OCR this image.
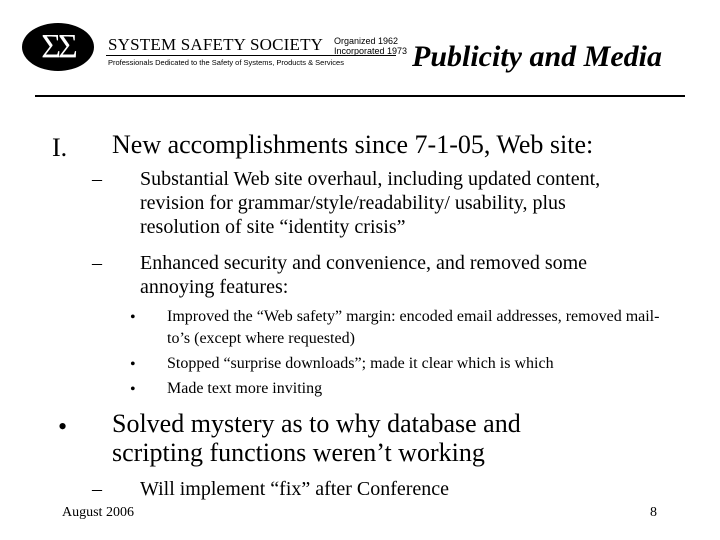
ΣΣ	SYSTEM SAFETY SOCIETY Organized 1962
Incorporated 1973
Professionals Dedicated to the Safety of Systems, Products & Services Publicity and Media
I. New accomplishments since 7-1-05, Web site:
– Substantial Web site overhaul, including updated content, revision for grammar/style/readability/ usability, plus resolution of site “identity crisis”
– Enhanced security and convenience, and removed some annoying features:
• Improved the “Web safety” margin: encoded email addresses, removed mail-to’s (except where requested)
• Stopped “surprise downloads”; made it clear which is which
• Made text more inviting
• Solved mystery as to why database and scripting functions weren’t working
– Will implement “fix” after Conference
August 2006	8
